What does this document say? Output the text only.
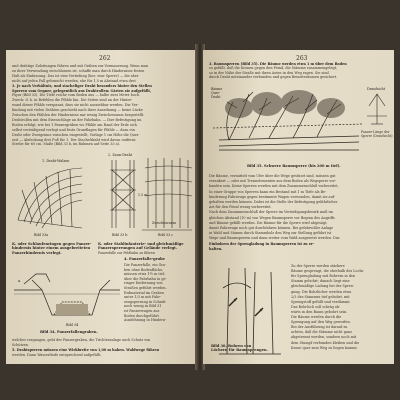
262
und drahtige Zuleitungen führen und mit Gräben zur Vermauerung. Wenn man
zu ihrer Verwendung entschlossen ist, schaffe man durch Hindernisse festen
Halt als Einfassung. Das ist eine Vertiefung (lies: eine Sperre) — die aber
nicht auf jeden Fall gebraucht werden, ehe für 1,5 m Abstand etwa drei
3. Je nach Verhältnis, und stacheliger Draht besonders hinter den Stellen
Sperren vom Gegner, gelegentlich aus Drahtrollen; Gärten sie aufgefüllt,
Figur (Bild 33). Die Tiefe reiche vom Boden aus — halbe zwei Meter hoch.
Zweck: d. h. in Befehlen die Pfähle hin. Die Seiten sind an der Hinter-
wand dieser Pfähle verspannt, dass sie nicht ausziehbar werden. Die Ver-
bindung mit vielen Drähten geschieht nach ihrer Anordnung — keine Lücke
Zwischen den Pfählen der Hindernisse nur wenig Zwischenraum hergestellt.
Drahtrollen mit dem Eisenschlage an der Fahrbahn. — Ihre Befestigung im
Boden erfolgt, wie bei 1 Panzergräben wo Pfähle am Rand der Erde sich
selbst verteidigend verlegt und feste Grundlagen für Pfähle — dazu ein
Draht oder Zweigrinne zwischen eingestellt, Vorlage 1 cm Höhe die Quer-
zeit — Abdeckung drei Fuß für 1. Der Stacheldraht wird davon entfernt.
Strebe für 60 cm. Maße (Bild 33 b, im Rahmen auf Seite 33 a).
1. Draht-Walzen
2. Zaun-Draht
Bild 33a	Bild 33 b	Bild 33 c
Zwischenraum
1,5 m
K. oder Schlaufenringen gegen Panzer-
hindernis hinter einem ausgebreiteten
Panzerhindernis verlegt.
K. oder Stahlinfanterie- und gleichmäßige
Panzersperrungen auf Gelände verlegt.
Panzerfalle zur Feldbahn zu führen
a
Bild 34
4. Panzerfalle-grube
Die Panzerfalle, ein Gra-
ben ohne Bodenfläche,
müssen etwa 1½ m tief,
über die Fahrbahn in ge-
ringer Entfernung von
Straßen geführt werden.
Erdmaterial im Graben
unter 1/3 m mit Fahr-
zeugsperrung in Schnitt
noch wenig in Bild 31
ist Panzerwagen aus
Boden durchgeführt
Ausdehnung in Hindern-
Bild 34. Panzerfallengraben.
welches vergangen, geht der Panzergraben, die Trichteranlage auch Schutz von
Schützen.
5. Drahtsperren müssen eine Wirkbreite von 1,00 m haben. Waldwege führen
werden. Dann Wasserläufe entsprechend aufgefüllt.
263
3. Baumsperren (Bild 35). Die Bäume werden etwa 1 m über dem Boden
so gefällt, daß die Kronen gegen den Feind, die Stämme zusammengelegt,
so in der Nähe der Straße mit ihren Ästen in den Weg ragen. Sie sind
durch Draht miteinander verbunden und gegen Beiseiteräumen gesichert.
Draufsicht
Bäume
Quer-
Draht
Panzer-Länge der
Sperre (Draufsicht)
Bild 35. Schwere Baumsperre (bis 200 m tief).
Die Bäume, vermittelt vom Ufer über die Wege gestürzt sind, müssen gut
verankert — oder mit Trennelementen aus dem Boden als Wegsperre vor-
handen sein. Keine Sperren werden mit dem Zusammenschluß vorbereitet,
In einer Gruppe von Sperren kann ein Bestand mit 1 m Tiefe als Be-
hinderung Fahrzeuge gegen bestimmte Wagen verwenden, damit sie auf-
gehalten werden können. Dabei ist die Stelle der Befestigung gefährlicher
Art für den Feind wenig vorbereitet.
Nach dem Zusammenschluß der Sperre im Verteidigungsbezirk muß im
gleichen Abstand (10 m) von Wegen Baumsperre vor Beginn des Angriffs
und Bäume gefällt werden. Die Bäume für die Sperre wird abgesägt,
damit Fahrzeuge noch gut durchfahren können. Bei gefahrvoller Anlage
in Wald und Stamm durch Stammholz den Weg zur Stellung geführt ist
Wege und Baumsperren und dann weiter vom Wald ausgesetzt werden. Das
Einbohren der Sprengladung in Baumsperren ist zu er-
halten.
Zu der Sperre werden stärkere
Bäume gesprengt, die oberhalb des Lochs
für Sprengladung mit Bohrern in den
Stamm gebohrt; danach liegt eine
gleichmäßige Ladung bei der Spren-
gung. Die Bohrlöcher werden etwa
2/3 des Stammes tief gebohrt, mit
Sprengstoff gefüllt und verdämmt.
Das Bohrloch soll schräg ab-
wärts in den Baum gebohrt sein.
Die Bäume werden durch die
Sprengung auf den Weg geworfen.
Bei der Ausführung ist darauf zu
achten, daß die Stämme nicht ganz
abgetrennt werden, sondern noch mit
dem Stumpf verbunden bleiben und die
Krone quer zum Weg zu liegen kommt.
Bild 36. Bohren von
Löchern für Baumsprengen.
